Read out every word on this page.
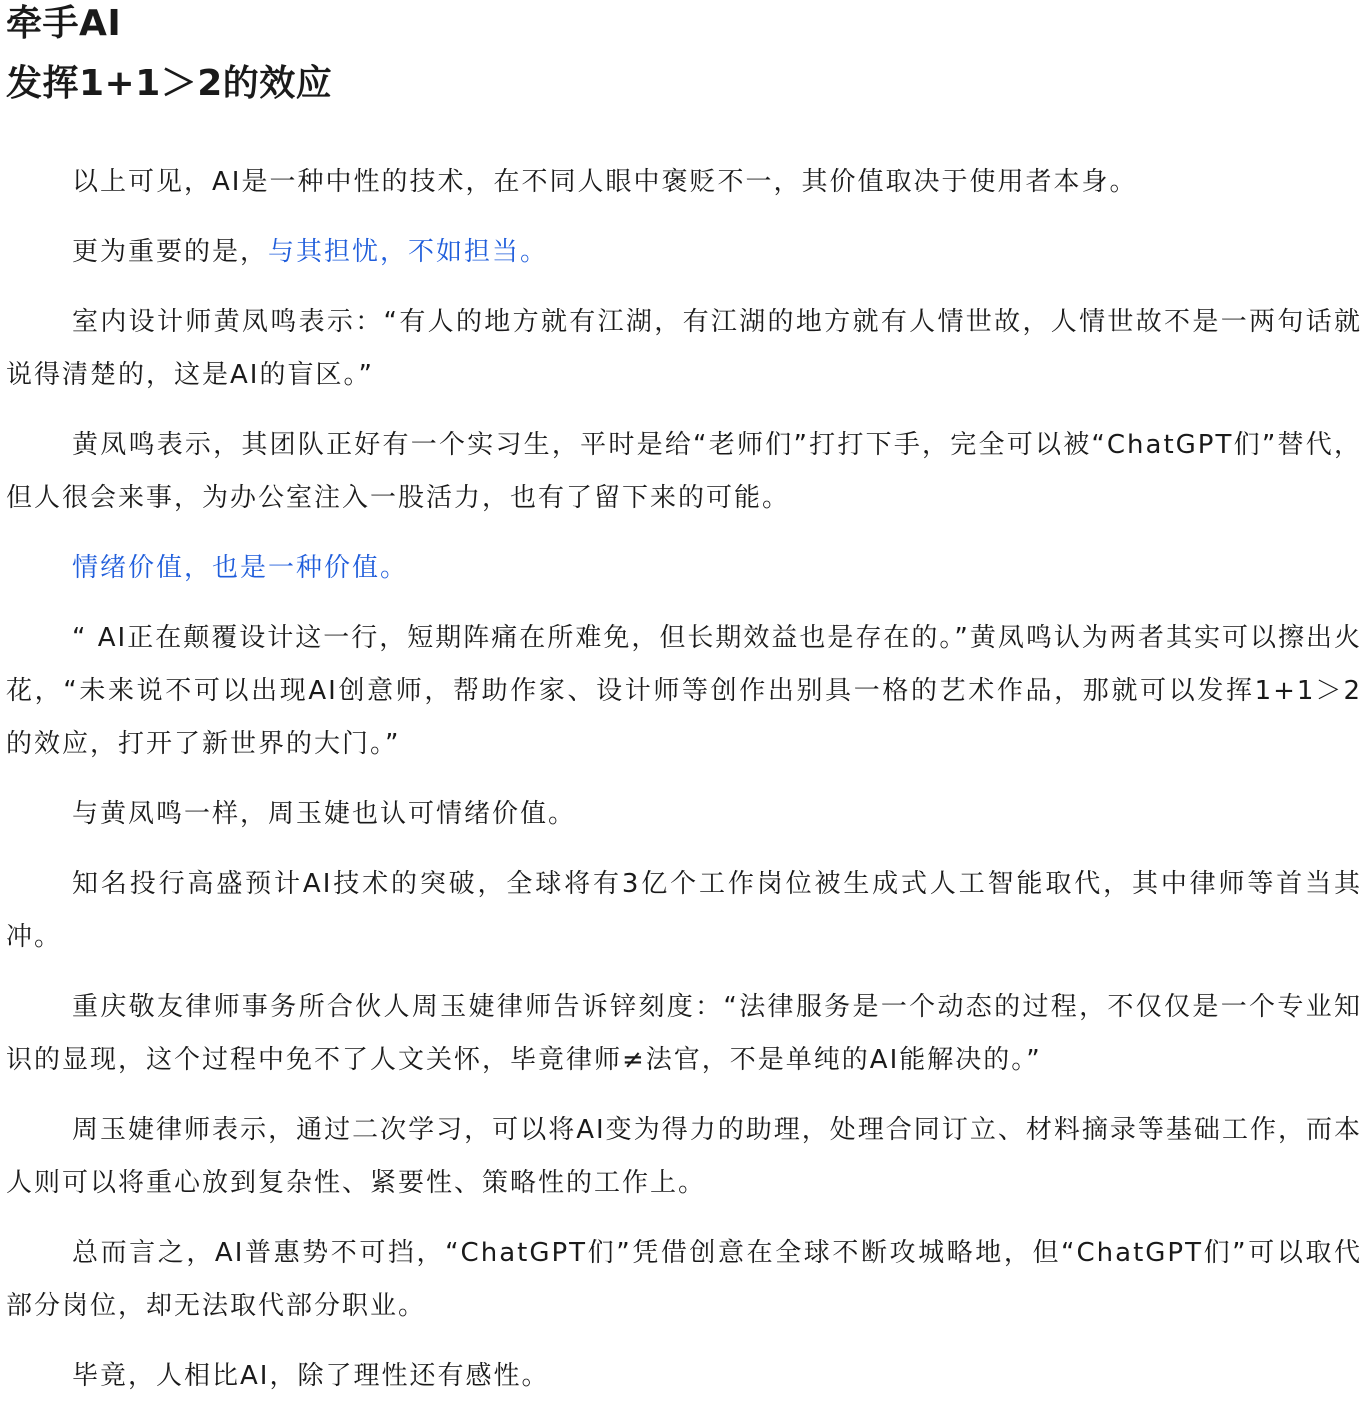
牵手AI
发挥1+1＞2的效应

以上可见，AI是一种中性的技术，在不同人眼中褒贬不一，其价值取决于使用者本身。

更为重要的是，与其担忧，不如担当。

室内设计师黄凤鸣表示：“有人的地方就有江湖，有江湖的地方就有人情世故，人情世故不是一两句话就说得清楚的，这是AI的盲区。”

黄凤鸣表示，其团队正好有一个实习生，平时是给“老师们”打打下手，完全可以被“ChatGPT们”替代，但人很会来事，为办公室注入一股活力，也有了留下来的可能。

情绪价值，也是一种价值。

“ AI正在颠覆设计这一行，短期阵痛在所难免，但长期效益也是存在的。”黄凤鸣认为两者其实可以擦出火花，“未来说不可以出现AI创意师，帮助作家、设计师等创作出别具一格的艺术作品，那就可以发挥1+1＞2的效应，打开了新世界的大门。”

与黄凤鸣一样，周玉婕也认可情绪价值。

知名投行高盛预计AI技术的突破，全球将有3亿个工作岗位被生成式人工智能取代，其中律师等首当其冲。

重庆敬友律师事务所合伙人周玉婕律师告诉锌刻度：“法律服务是一个动态的过程，不仅仅是一个专业知识的显现，这个过程中免不了人文关怀，毕竟律师≠法官，不是单纯的AI能解决的。”

周玉婕律师表示，通过二次学习，可以将AI变为得力的助理，处理合同订立、材料摘录等基础工作，而本人则可以将重心放到复杂性、紧要性、策略性的工作上。

总而言之，AI普惠势不可挡，“ChatGPT们”凭借创意在全球不断攻城略地，但“ChatGPT们”可以取代部分岗位，却无法取代部分职业。

毕竟，人相比AI，除了理性还有感性。
